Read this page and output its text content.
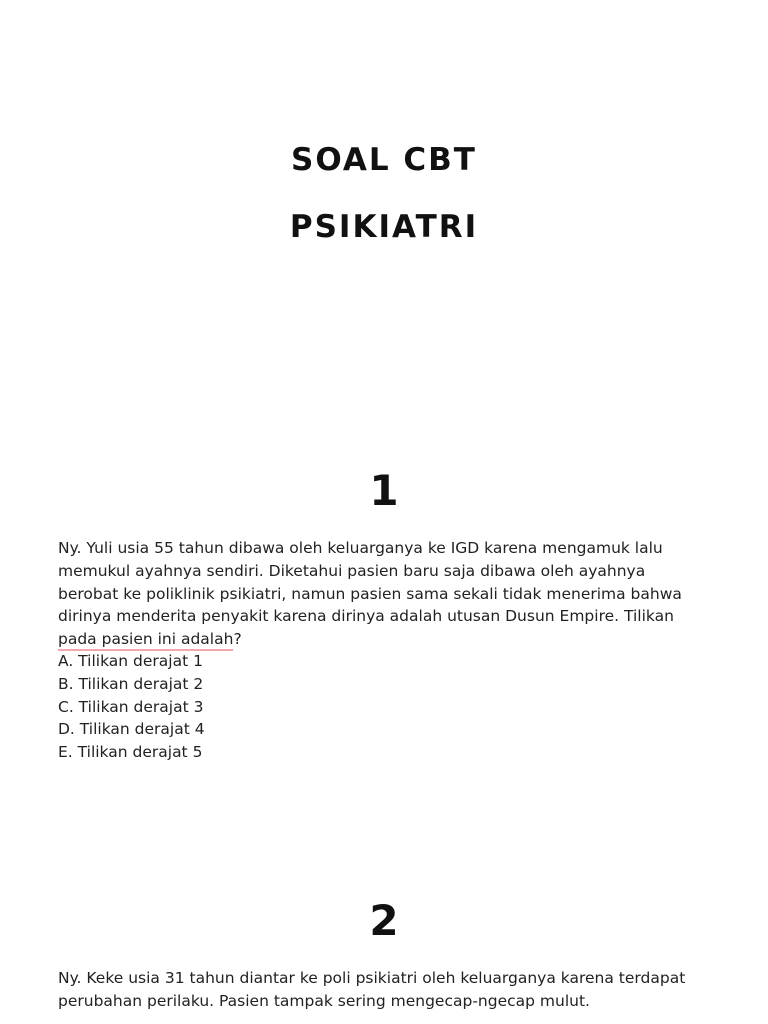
SOAL CBT
PSIKIATRI
1

Ny. Yuli usia 55 tahun dibawa oleh keluarganya ke IGD karena mengamuk lalu memukul ayahnya sendiri. Diketahui pasien baru saja dibawa oleh ayahnya berobat ke poliklinik psikiatri, namun pasien sama sekali tidak menerima bahwa dirinya menderita penyakit karena dirinya adalah utusan Dusun Empire. Tilikan pada pasien ini adalah?

A. Tilikan derajat 1
B. Tilikan derajat 2
C. Tilikan derajat 3
D. Tilikan derajat 4
E. Tilikan derajat 5
2

Ny. Keke usia 31 tahun diantar ke poli psikiatri oleh keluarganya karena terdapat perubahan perilaku. Pasien tampak sering mengecap-ngecap mulut.
